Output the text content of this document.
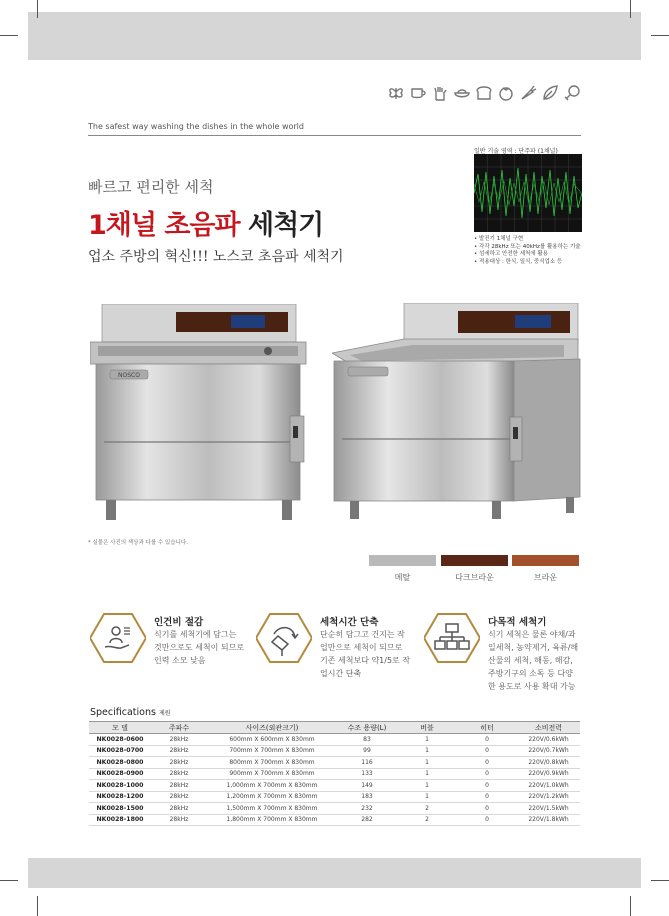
The safest way washing the dishes in the whole world
빠르고 편리한 세척
1채널 초음파 세척기
업소 주방의 혁신!!! 노스코 초음파 세척기
일반 기술 영역 : 단주파 (1채널)
• 발진기 1채널 구현
• 각각 28kHz 또는 40kHz를 활용하는 기술
• 섬세하고 안전한 세척에 활용
• 적용대상 : 한식, 일식, 중식업소 등
NOSCO
* 실물은 사진의 색상과 다를 수 있습니다.
메탈	다크브라운	브라운
인건비 절감
식기를 세척기에 담그는 것만으로도 세척이 되므로 인력 소모 낮음
세척시간 단축
단순히 담그고 건지는 작업만으로 세척이 되므로 기존 세척보다 약1/5로 작업시간 단축
다목적 세척기
식기 세척은 물론 야채/과일세척, 농약제거, 육류/해산물의 세척, 해동, 해감, 주방기구의 소독 등 다양한 용도로 사용 확대 가능
Specifications 제원
모 델	주파수	사이즈(외관크기)	수조 용량(L)	버블	히터	소비전력
NK0028-0600	28kHz	600mm X 600mm X 830mm	83	1	0	220V/0.6kWh
NK0028-0700	28kHz	700mm X 700mm X 830mm	99	1	0	220V/0.7kWh
NK0028-0800	28kHz	800mm X 700mm X 830mm	116	1	0	220V/0.8kWh
NK0028-0900	28kHz	900mm X 700mm X 830mm	133	1	0	220V/0.9kWh
NK0028-1000	28kHz	1,000mm X 700mm X 830mm	149	1	0	220V/1.0kWh
NK0028-1200	28kHz	1,200mm X 700mm X 830mm	183	1	0	220V/1.2kWh
NK0028-1500	28kHz	1,500mm X 700mm X 830mm	232	2	0	220V/1.5kWh
NK0028-1800	28kHz	1,800mm X 700mm X 830mm	282	2	0	220V/1.8kWh
